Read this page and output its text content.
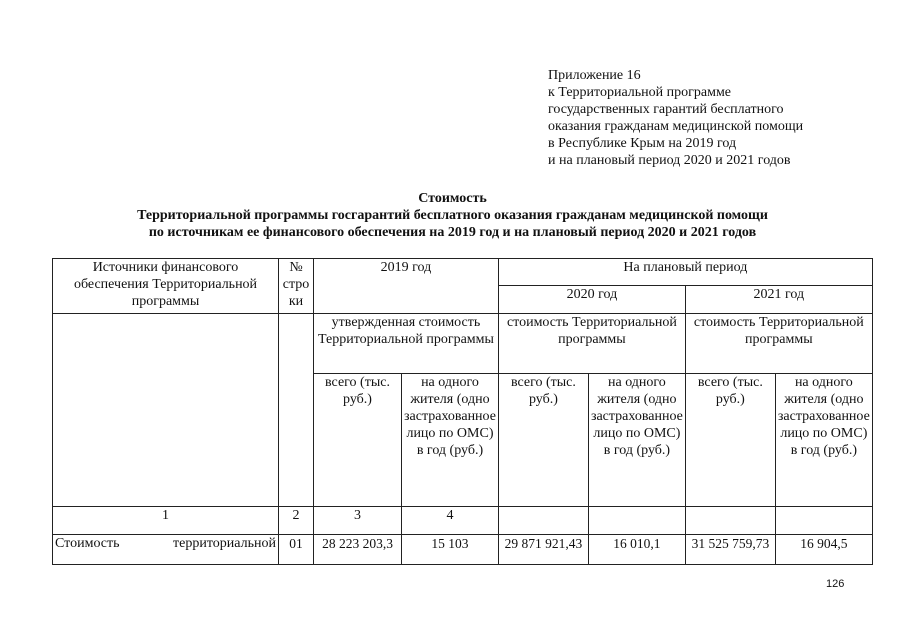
Приложение 16
к Территориальной программе
государственных гарантий бесплатного
оказания гражданам медицинской помощи
в Республике Крым на 2019 год
и на плановый период 2020 и 2021 годов
Стоимость
Территориальной программы госгарантий бесплатного оказания гражданам медицинской помощи
по источникам ее финансового обеспечения на 2019 год и на плановый период 2020 и 2021 годов
Источники финансового обеспечения Территориальной программы	№ стро ки	2019 год		На плановый период			
				2020 год		2021 год	
		утвержденная стоимость Территориальной программы		стоимость Территориальной программы		стоимость Территориальной программы	
		всего (тыс. руб.)	на одного жителя (одно застрахованное лицо по ОМС) в год (руб.)	всего (тыс. руб.)	на одного жителя (одно застрахованное лицо по ОМС) в год (руб.)	всего (тыс. руб.)	на одного жителя (одно застрахованное лицо по ОМС) в год (руб.)
1	2	3	4				
Стоимость территориальной	01	28 223 203,3	15 103	29 871 921,43	16 010,1	31 525 759,73	16 904,5
126
